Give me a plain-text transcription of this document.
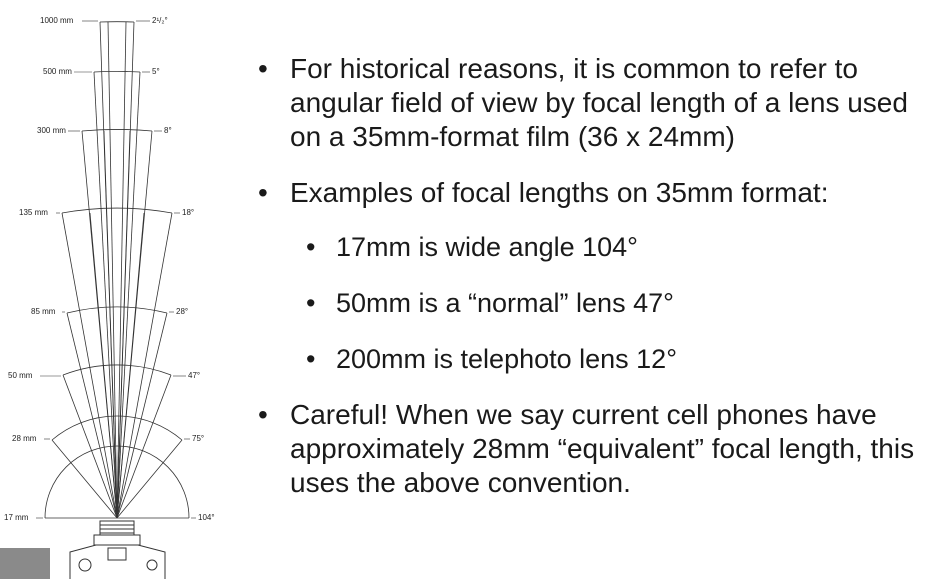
1000 mm	2¹/₂°
500 mm	5°
300 mm	8°
135 mm	18°
85 mm	28°
50 mm	47°
28 mm	75°
17 mm	104°
• For historical reasons, it is common to refer to angular field of view by focal length of a lens used on a 35mm-format film (36 x 24mm)
• Examples of focal lengths on 35mm format:
• 17mm is wide angle 104°
• 50mm is a “normal” lens 47°
• 200mm is telephoto lens 12°
• Careful! When we say current cell phones have approximately 28mm “equivalent” focal length, this uses the above convention.
